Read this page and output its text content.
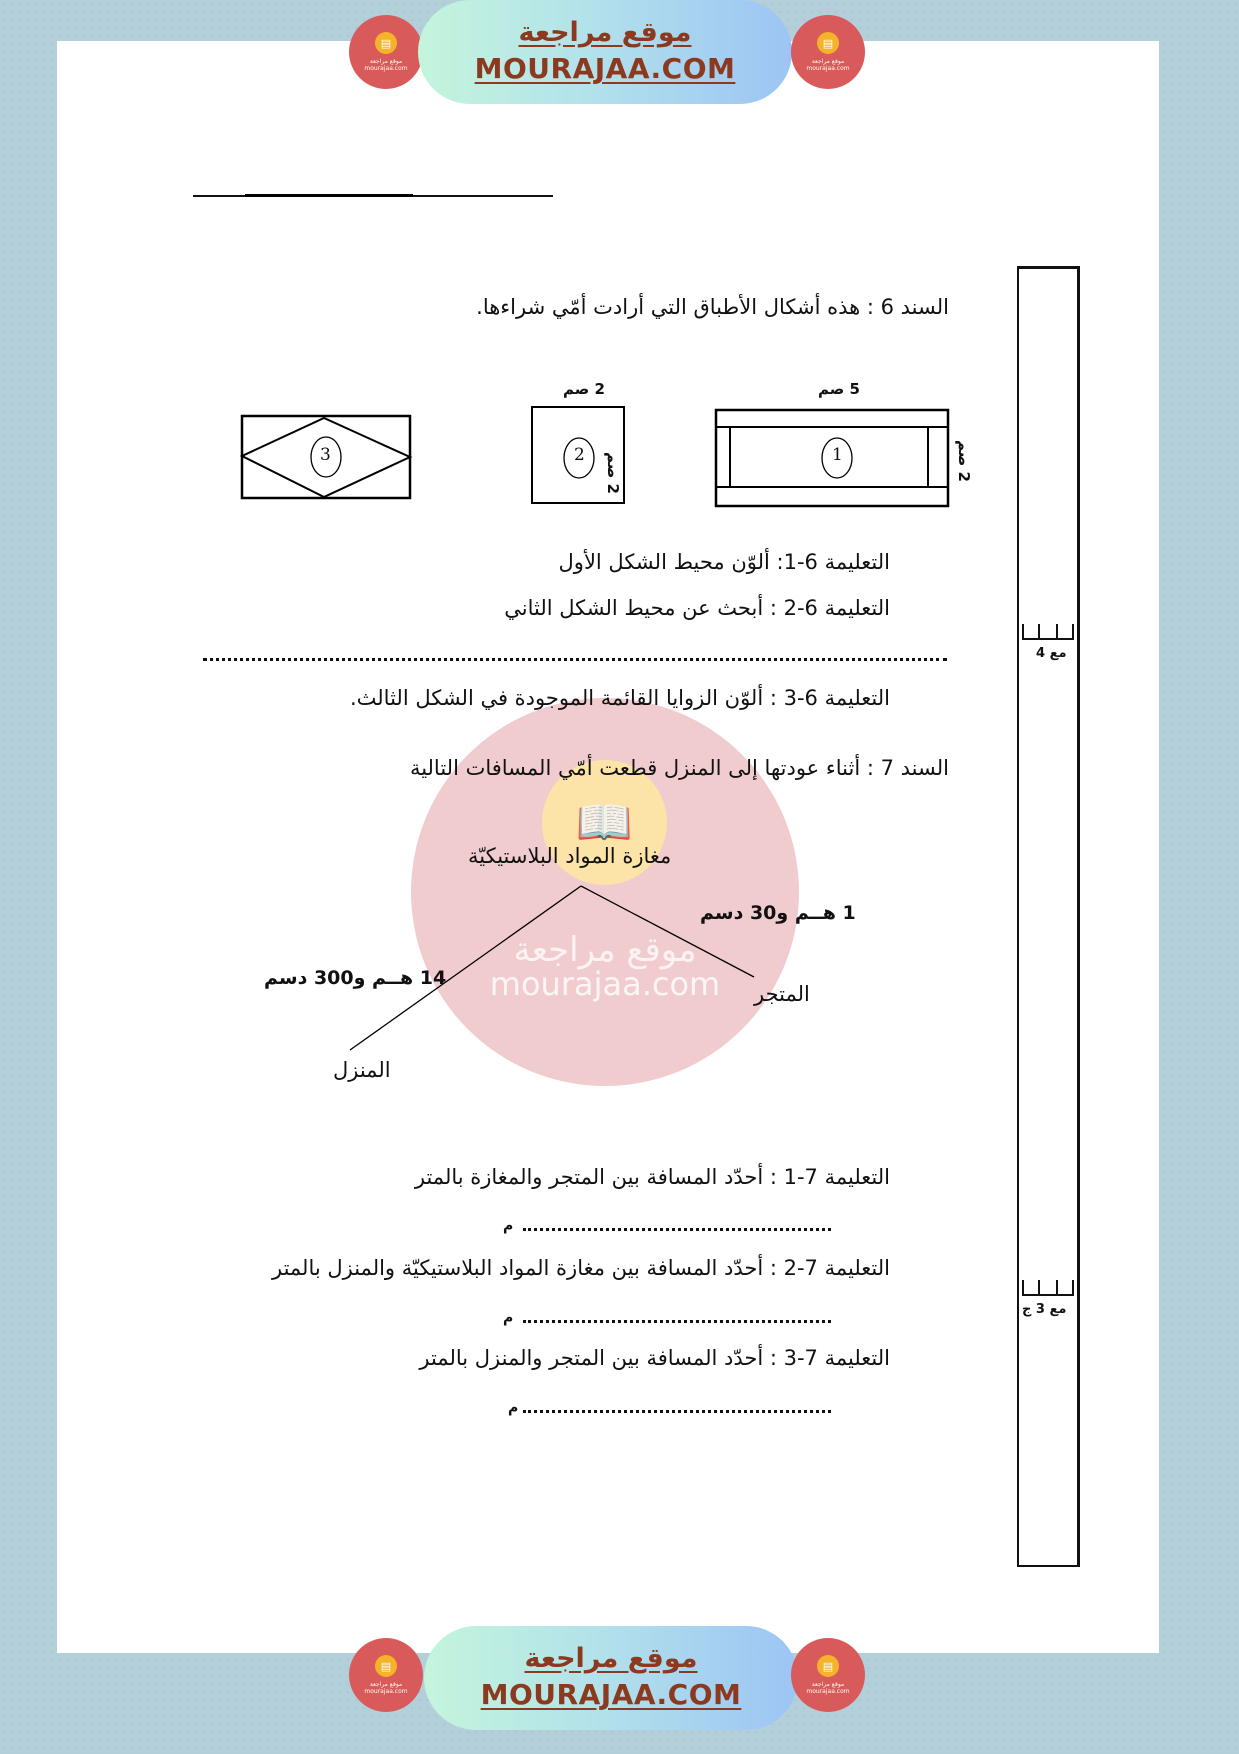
▤
موقع مراجعة mourajaa.com
موقع مراجعة
MOURAJAA.COM
▤
موقع مراجعة mourajaa.com
مع 4
مع 3 ج
📖
موقع مراجعة
mourajaa.com
السند 6 : هذه أشكال الأطباق التي أرادت أمّي شراءها.
3	2	1
2 صم	5 صم
2 صم
2 صم
التعليمة 6-1: ألوّن محيط الشكل الأول
التعليمة 6-2 : أبحث عن محيط الشكل الثاني
التعليمة 6-3 : ألوّن الزوايا القائمة الموجودة في الشكل الثالث.
السند 7 : أثناء عودتها إلى المنزل قطعت أمّي المسافات التالية
مغازة المواد البلاستيكيّة
1 هــم و30 دسم
14 هــم و300 دسم
المتجر
المنزل
التعليمة 7-1 : أحدّد المسافة بين المتجر والمغازة بالمتر
م
التعليمة 7-2 : أحدّد المسافة بين مغازة المواد البلاستيكيّة والمنزل بالمتر
م
التعليمة 7-3 : أحدّد المسافة بين المتجر والمنزل بالمتر
م
▤
موقع مراجعة mourajaa.com
موقع مراجعة
MOURAJAA.COM
▤
موقع مراجعة mourajaa.com
